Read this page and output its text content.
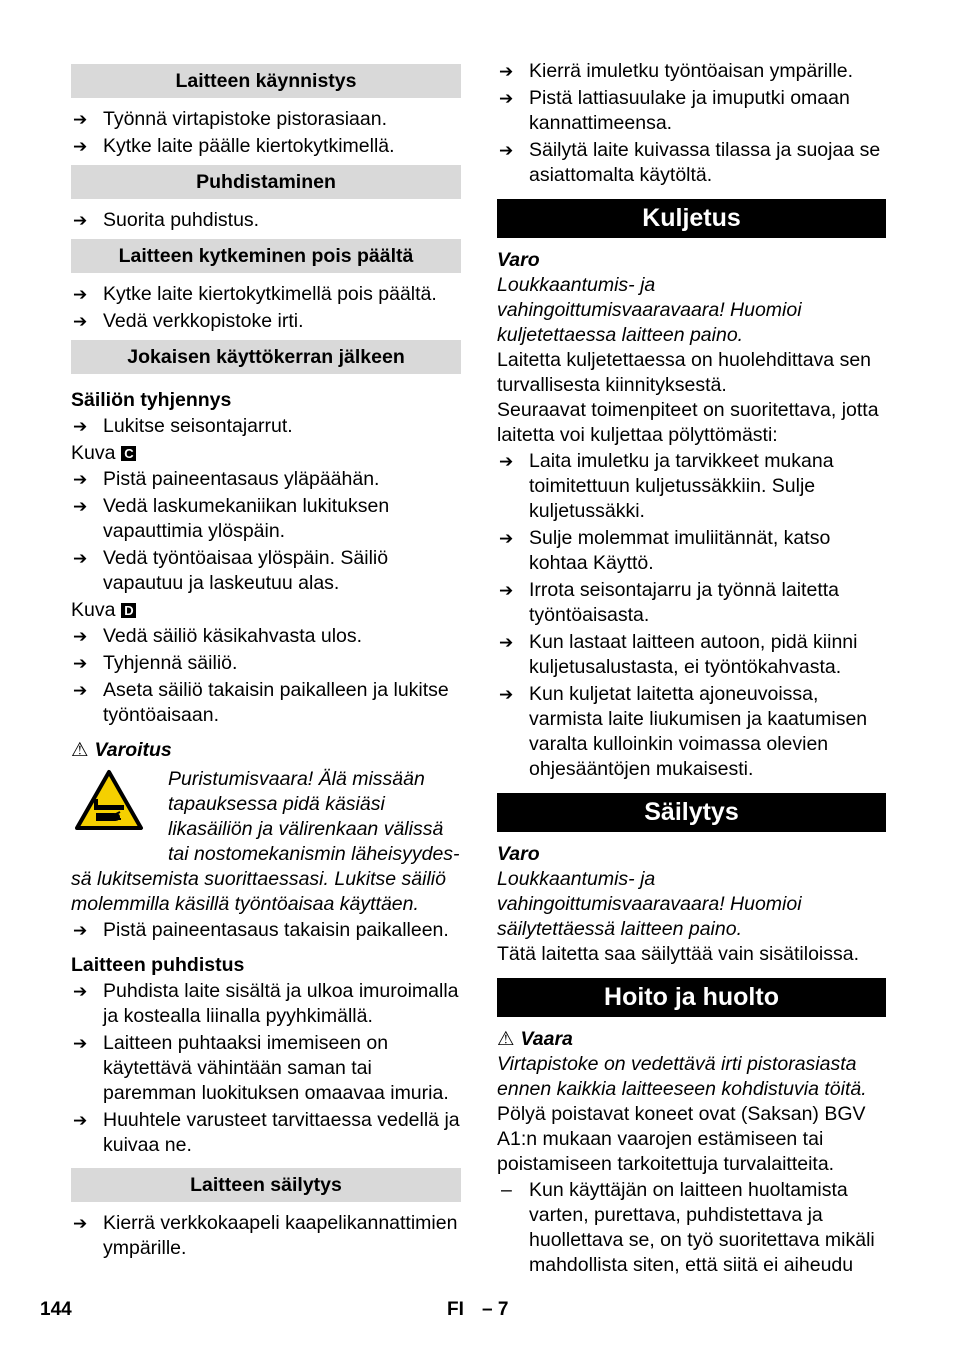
Laitteen käynnistys
➔ Työnnä virtapistoke pistorasiaan.
➔ Kytke laite päälle kiertokytkimellä.
Puhdistaminen
➔ Suorita puhdistus.
Laitteen kytkeminen pois päältä
➔ Kytke laite kiertokytkimellä pois päältä.
➔ Vedä verkkopistoke irti.
Jokaisen käyttökerran jälkeen
Säiliön tyhjennys
➔ Lukitse seisontajarrut.
Kuva C
➔ Pistä paineentasaus yläpäähän.
➔ Vedä laskumekaniikan lukituksen vapauttimia ylöspäin.
➔ Vedä työntöaisaa ylöspäin. Säiliö vapautuu ja laskeutuu alas.
Kuva D
➔ Vedä säiliö käsikahvasta ulos.
➔ Tyhjennä säiliö.
➔ Aseta säiliö takaisin paikalleen ja lukitse työntöaisaan.
⚠ Varoitus
Puristumisvaara! Älä missään tapauksessa pidä käsiäsi likasäiliön ja välirenkaan välissä tai nostomekanismin läheisyydes-
sä lukitsemista suorittaessasi. Lukitse säiliö molemmilla käsillä työntöaisaa käyttäen.
➔ Pistä paineentasaus takaisin paikalleen.
Laitteen puhdistus
➔ Puhdista laite sisältä ja ulkoa imuroimalla ja kostealla liinalla pyyhkimällä.
➔ Laitteen puhtaaksi imemiseen on käytettävä vähintään saman tai paremman luokituksen omaavaa imuria.
➔ Huuhtele varusteet tarvittaessa vedellä ja kuivaa ne.
Laitteen säilytys
➔ Kierrä verkkokaapeli kaapelikannattimien ympärille.
➔ Kierrä imuletku työntöaisan ympärille.
➔ Pistä lattiasuulake ja imuputki omaan kannattimeensa.
➔ Säilytä laite kuivassa tilassa ja suojaa se asiattomalta käytöltä.
Kuljetus
Varo
Loukkaantumis- ja vahingoittumisvaaravaara! Huomioi kuljetettaessa laitteen paino.
Laitetta kuljetettaessa on huolehdittava sen turvallisesta kiinnityksestä.
Seuraavat toimenpiteet on suoritettava, jotta laitetta voi kuljettaa pölyttömästi:
➔ Laita imuletku ja tarvikkeet mukana toimitettuun kuljetussäkkiin. Sulje kuljetussäkki.
➔ Sulje molemmat imuliitännät, katso kohtaa Käyttö.
➔ Irrota seisontajarru ja työnnä laitetta työntöaisasta.
➔ Kun lastaat laitteen autoon, pidä kiinni kuljetusalustasta, ei työntökahvasta.
➔ Kun kuljetat laitetta ajoneuvoissa, varmista laite liukumisen ja kaatumisen varalta kulloinkin voimassa olevien ohjesääntöjen mukaisesti.
Säilytys
Varo
Loukkaantumis- ja vahingoittumisvaaravaara! Huomioi säilytettäessä laitteen paino.
Tätä laitetta saa säilyttää vain sisätiloissa.
Hoito ja huolto
⚠ Vaara
Virtapistoke on vedettävä irti pistorasiasta ennen kaikkia laitteeseen kohdistuvia töitä.
Pölyä poistavat koneet ovat (Saksan) BGV A1:n mukaan vaarojen estämiseen tai poistamiseen tarkoitettuja turvalaitteita.
– Kun käyttäjän on laitteen huoltamista varten, purettava, puhdistettava ja huollettava se, on työ suoritettava mikäli mahdollista siten, että siitä ei aiheudu
144	FI – 7
